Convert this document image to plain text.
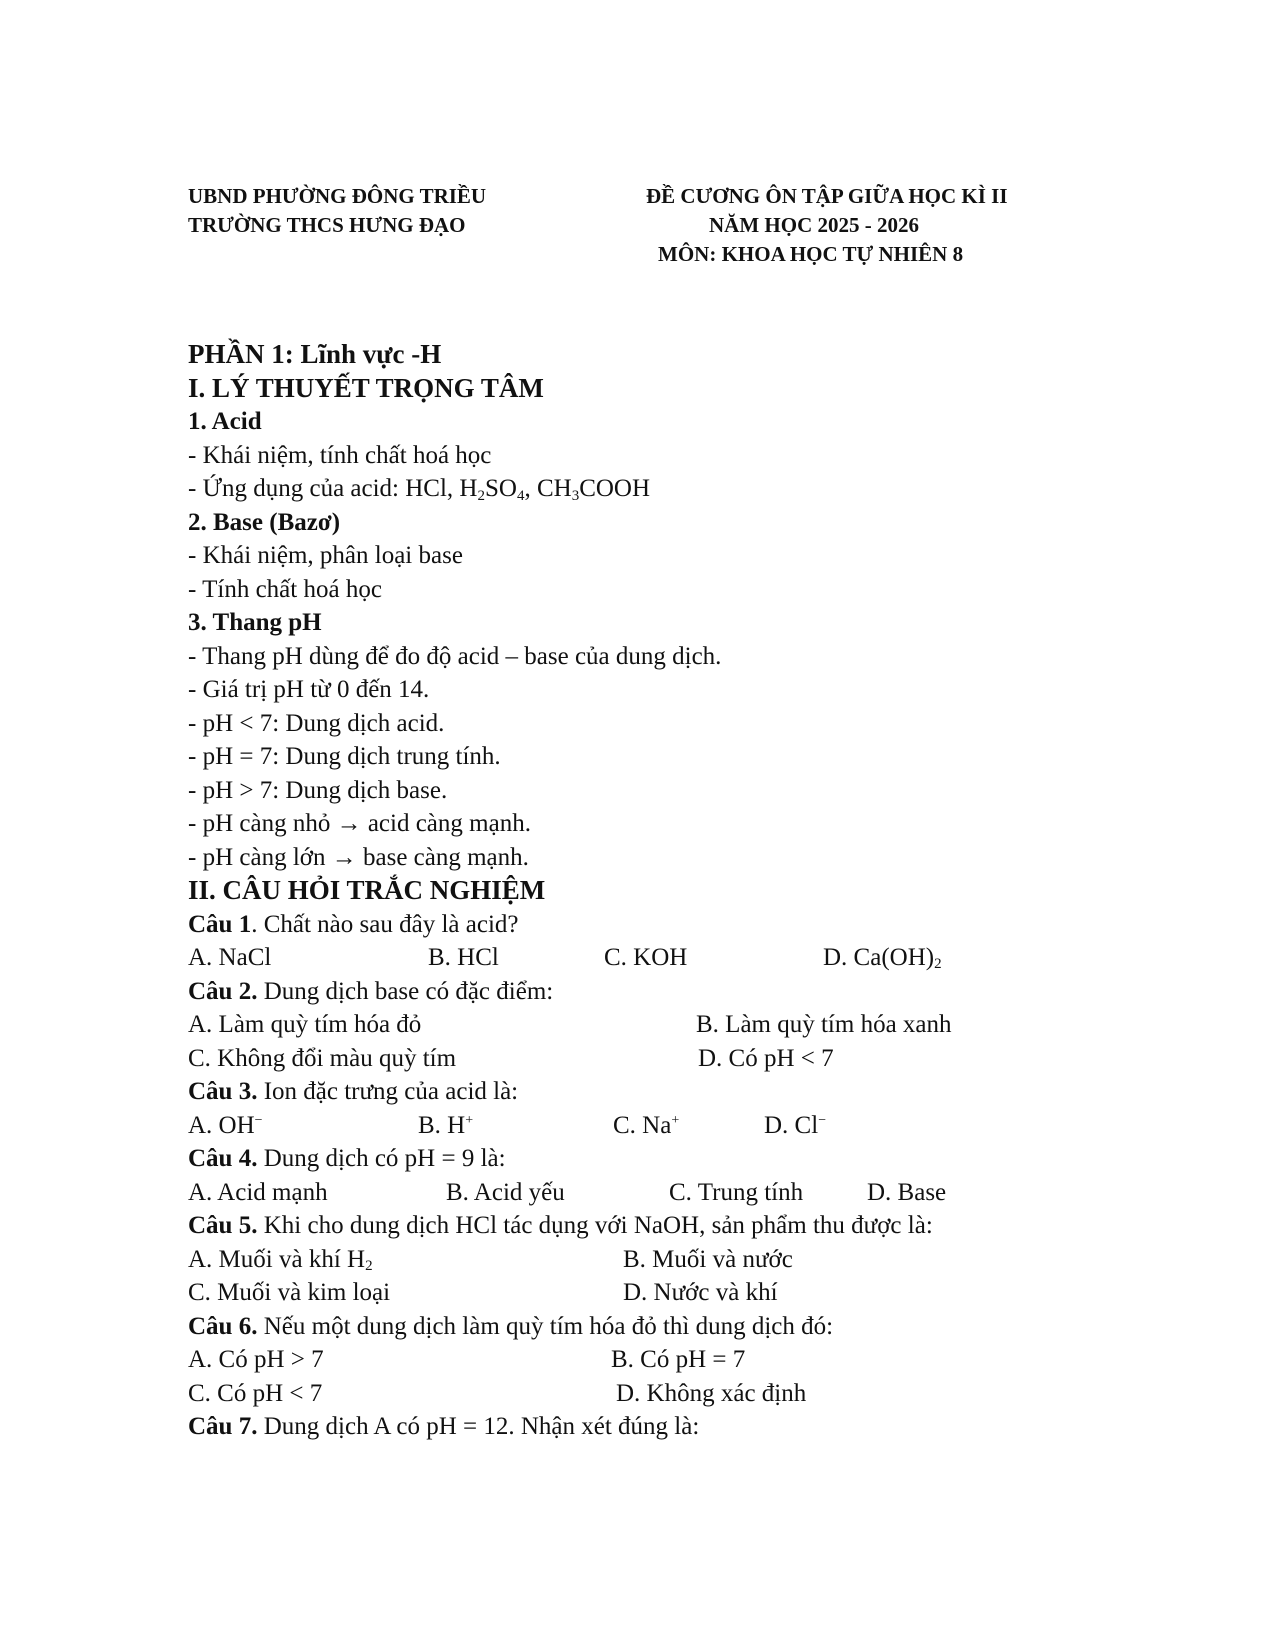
UBND PHƯỜNG ĐÔNG TRIỀU
TRƯỜNG THCS HƯNG ĐẠO
ĐỀ CƯƠNG ÔN TẬP GIỮA HỌC KÌ II
NĂM HỌC 2025 - 2026
MÔN: KHOA HỌC TỰ NHIÊN 8
PHẦN 1: Lĩnh vực -H
I. LÝ THUYẾT TRỌNG TÂM
1. Acid
- Khái niệm, tính chất hoá học
- Ứng dụng của acid: HCl, $H_2SO_4$, $CH_3COOH$
2. Base (Bazơ)
- Khái niệm, phân loại base
- Tính chất hoá học
3. Thang pH
- Thang pH dùng để đo độ acid – base của dung dịch.
- Giá trị pH từ 0 đến 14.
- pH < 7: Dung dịch acid.
- pH = 7: Dung dịch trung tính.
- pH > 7: Dung dịch base.
- pH càng nhỏ → acid càng mạnh.
- pH càng lớn → base càng mạnh.
II. CÂU HỎI TRẮC NGHIỆM
Câu 1. Chất nào sau đây là acid?
A. NaCl	B. HCl	C. KOH	D. Ca(OH)2
Câu 2. Dung dịch base có đặc điểm:
A. Làm quỳ tím hóa đỏ	B. Làm quỳ tím hóa xanh
C. Không đổi màu quỳ tím	D. Có pH < 7
Câu 3. Ion đặc trưng của acid là:
A. OH−	B. H+	C. Na+	D. Cl−
Câu 4. Dung dịch có pH = 9 là:
A. Acid mạnh	B. Acid yếu	C. Trung tính	D. Base
Câu 5. Khi cho dung dịch HCl tác dụng với NaOH, sản phẩm thu được là:
A. Muối và khí H2	B. Muối và nước
C. Muối và kim loại	D. Nước và khí
Câu 6. Nếu một dung dịch làm quỳ tím hóa đỏ thì dung dịch đó:
A. Có pH > 7	B. Có pH = 7
C. Có pH < 7	D. Không xác định
Câu 7. Dung dịch A có pH = 12. Nhận xét đúng là:
